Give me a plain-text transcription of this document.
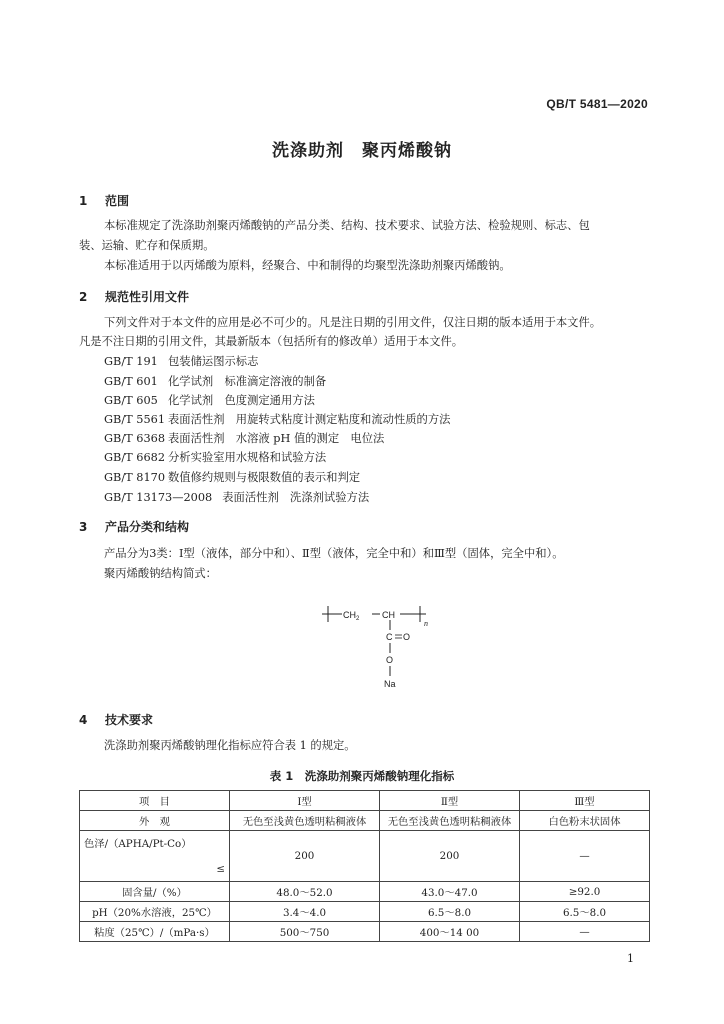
QB/T 5481—2020
洗涤助剂　聚丙烯酸钠
1 范围
本标准规定了洗涤助剂聚丙烯酸钠的产品分类、结构、技术要求、试验方法、检验规则、标志、包
装、运输、贮存和保质期。
本标准适用于以丙烯酸为原料，经聚合、中和制得的均聚型洗涤助剂聚丙烯酸钠。
2 规范性引用文件
下列文件对于本文件的应用是必不可少的。凡是注日期的引用文件，仅注日期的版本适用于本文件。
凡是不注日期的引用文件，其最新版本（包括所有的修改单）适用于本文件。
GB/T 191 包装储运图示标志
GB/T 601 化学试剂　标准滴定溶液的制备
GB/T 605 化学试剂　色度测定通用方法
GB/T 5561 表面活性剂　用旋转式粘度计测定粘度和流动性质的方法
GB/T 6368 表面活性剂　水溶液 pH 值的测定　电位法
GB/T 6682 分析实验室用水规格和试验方法
GB/T 8170 数值修约规则与极限数值的表示和判定
GB/T 13173—2008 表面活性剂　洗涤剂试验方法
3 产品分类和结构
产品分为3类：Ⅰ型（液体，部分中和）、Ⅱ型（液体，完全中和）和Ⅲ型（固体，完全中和）。
聚丙烯酸钠结构简式：
$CH_2$	CH
n
C O
O
Na
4 技术要求
洗涤助剂聚丙烯酸钠理化指标应符合表 1 的规定。
表 1　洗涤助剂聚丙烯酸钠理化指标
项　目	Ⅰ型	Ⅱ型	Ⅲ型
外　观	无色至浅黄色透明粘稠液体	无色至浅黄色透明粘稠液体	白色粉末状固体

色泽/（APHA/Pt-Co）
≤	200	200	—
固含量/（%）	48.0～52.0	43.0～47.0	≥92.0
pH（20%水溶液，25℃）	3.4～4.0	6.5～8.0	6.5～8.0
粘度（25℃）/（mPa·s）	500～750	400～14 00	—
1
